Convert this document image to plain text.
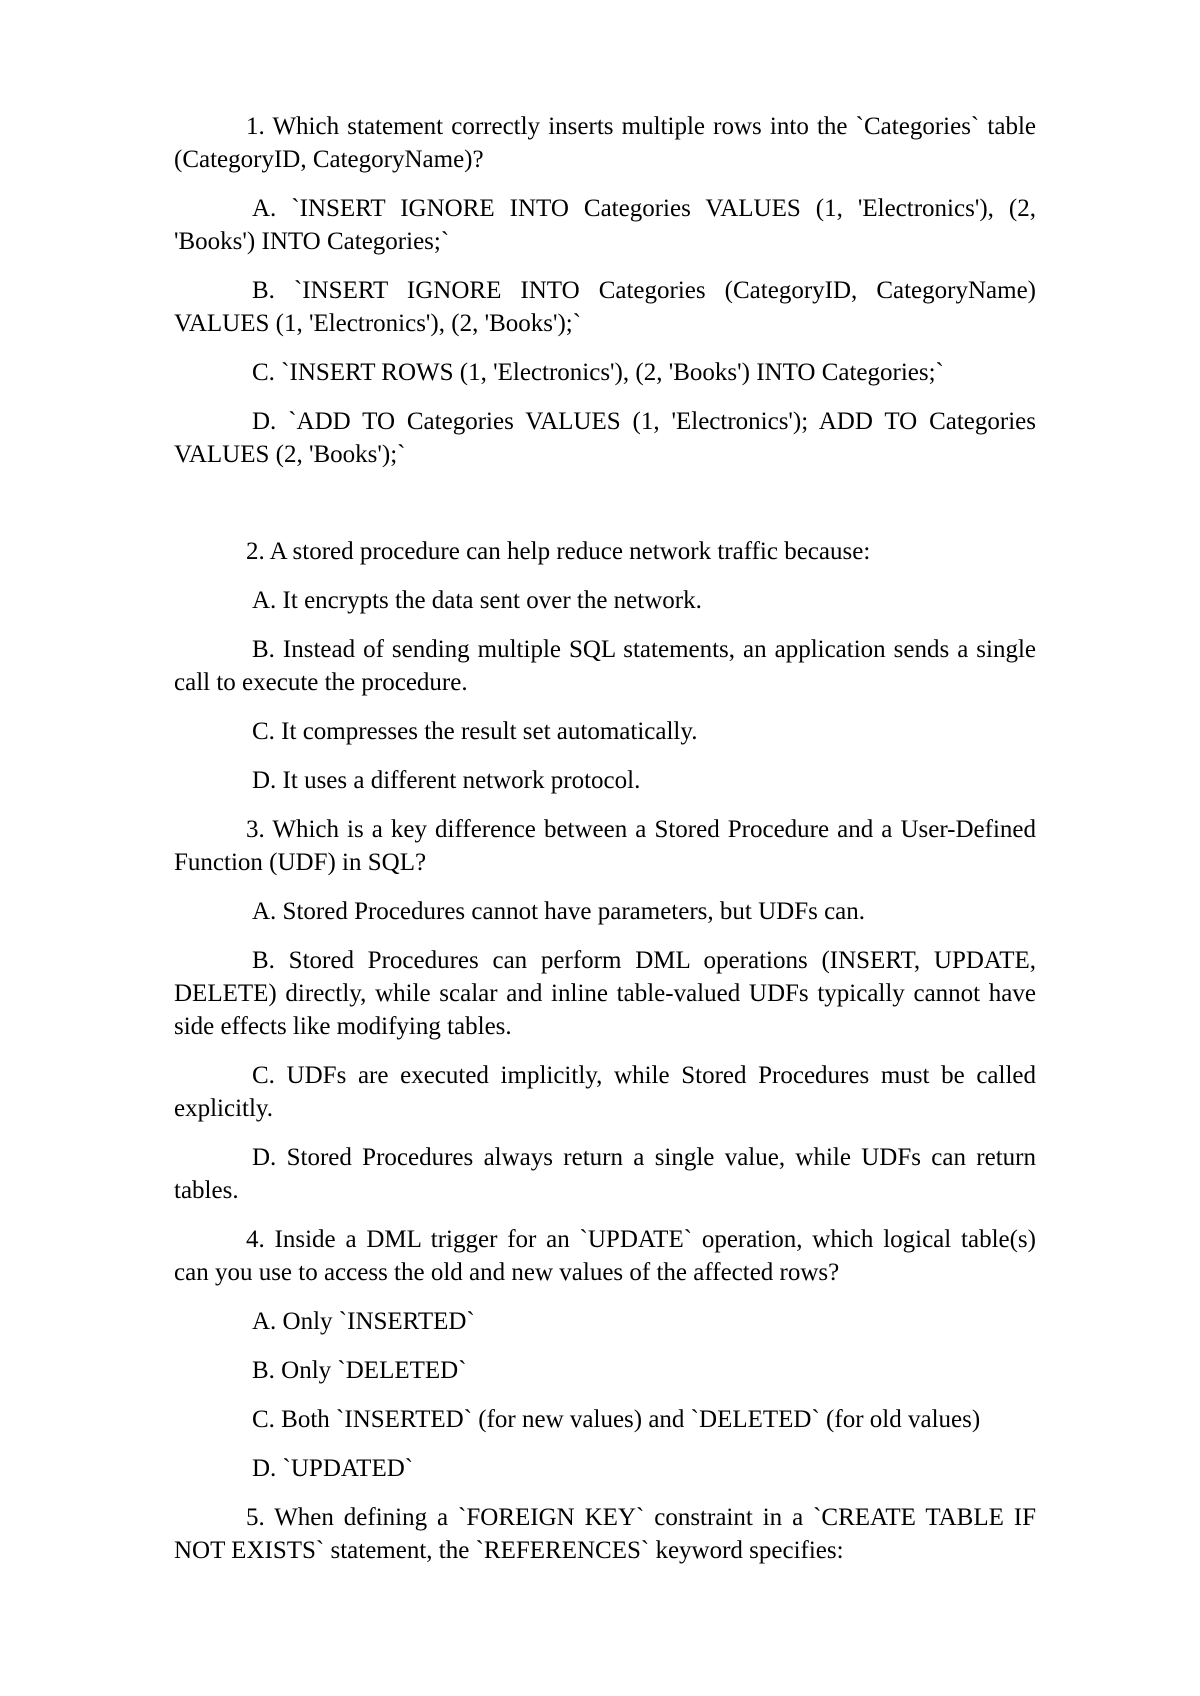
1. Which statement correctly inserts multiple rows into the `Categories` table (CategoryID, CategoryName)?

A. `INSERT IGNORE INTO Categories VALUES (1, 'Electronics'), (2, 'Books') INTO Categories;`

B. `INSERT IGNORE INTO Categories (CategoryID, CategoryName) VALUES (1, 'Electronics'), (2, 'Books');`

C. `INSERT ROWS (1, 'Electronics'), (2, 'Books') INTO Categories;`

D. `ADD TO Categories VALUES (1, 'Electronics'); ADD TO Categories VALUES (2, 'Books');`

2. A stored procedure can help reduce network traffic because:

A. It encrypts the data sent over the network.

B. Instead of sending multiple SQL statements, an application sends a single call to execute the procedure.

C. It compresses the result set automatically.

D. It uses a different network protocol.

3. Which is a key difference between a Stored Procedure and a User-Defined Function (UDF) in SQL?

A. Stored Procedures cannot have parameters, but UDFs can.

B. Stored Procedures can perform DML operations (INSERT, UPDATE, DELETE) directly, while scalar and inline table-valued UDFs typically cannot have side effects like modifying tables.

C. UDFs are executed implicitly, while Stored Procedures must be called explicitly.

D. Stored Procedures always return a single value, while UDFs can return tables.

4. Inside a DML trigger for an `UPDATE` operation, which logical table(s) can you use to access the old and new values of the affected rows?

A. Only `INSERTED`

B. Only `DELETED`

C. Both `INSERTED` (for new values) and `DELETED` (for old values)

D. `UPDATED`

5. When defining a `FOREIGN KEY` constraint in a `CREATE TABLE IF NOT EXISTS` statement, the `REFERENCES` keyword specifies:
